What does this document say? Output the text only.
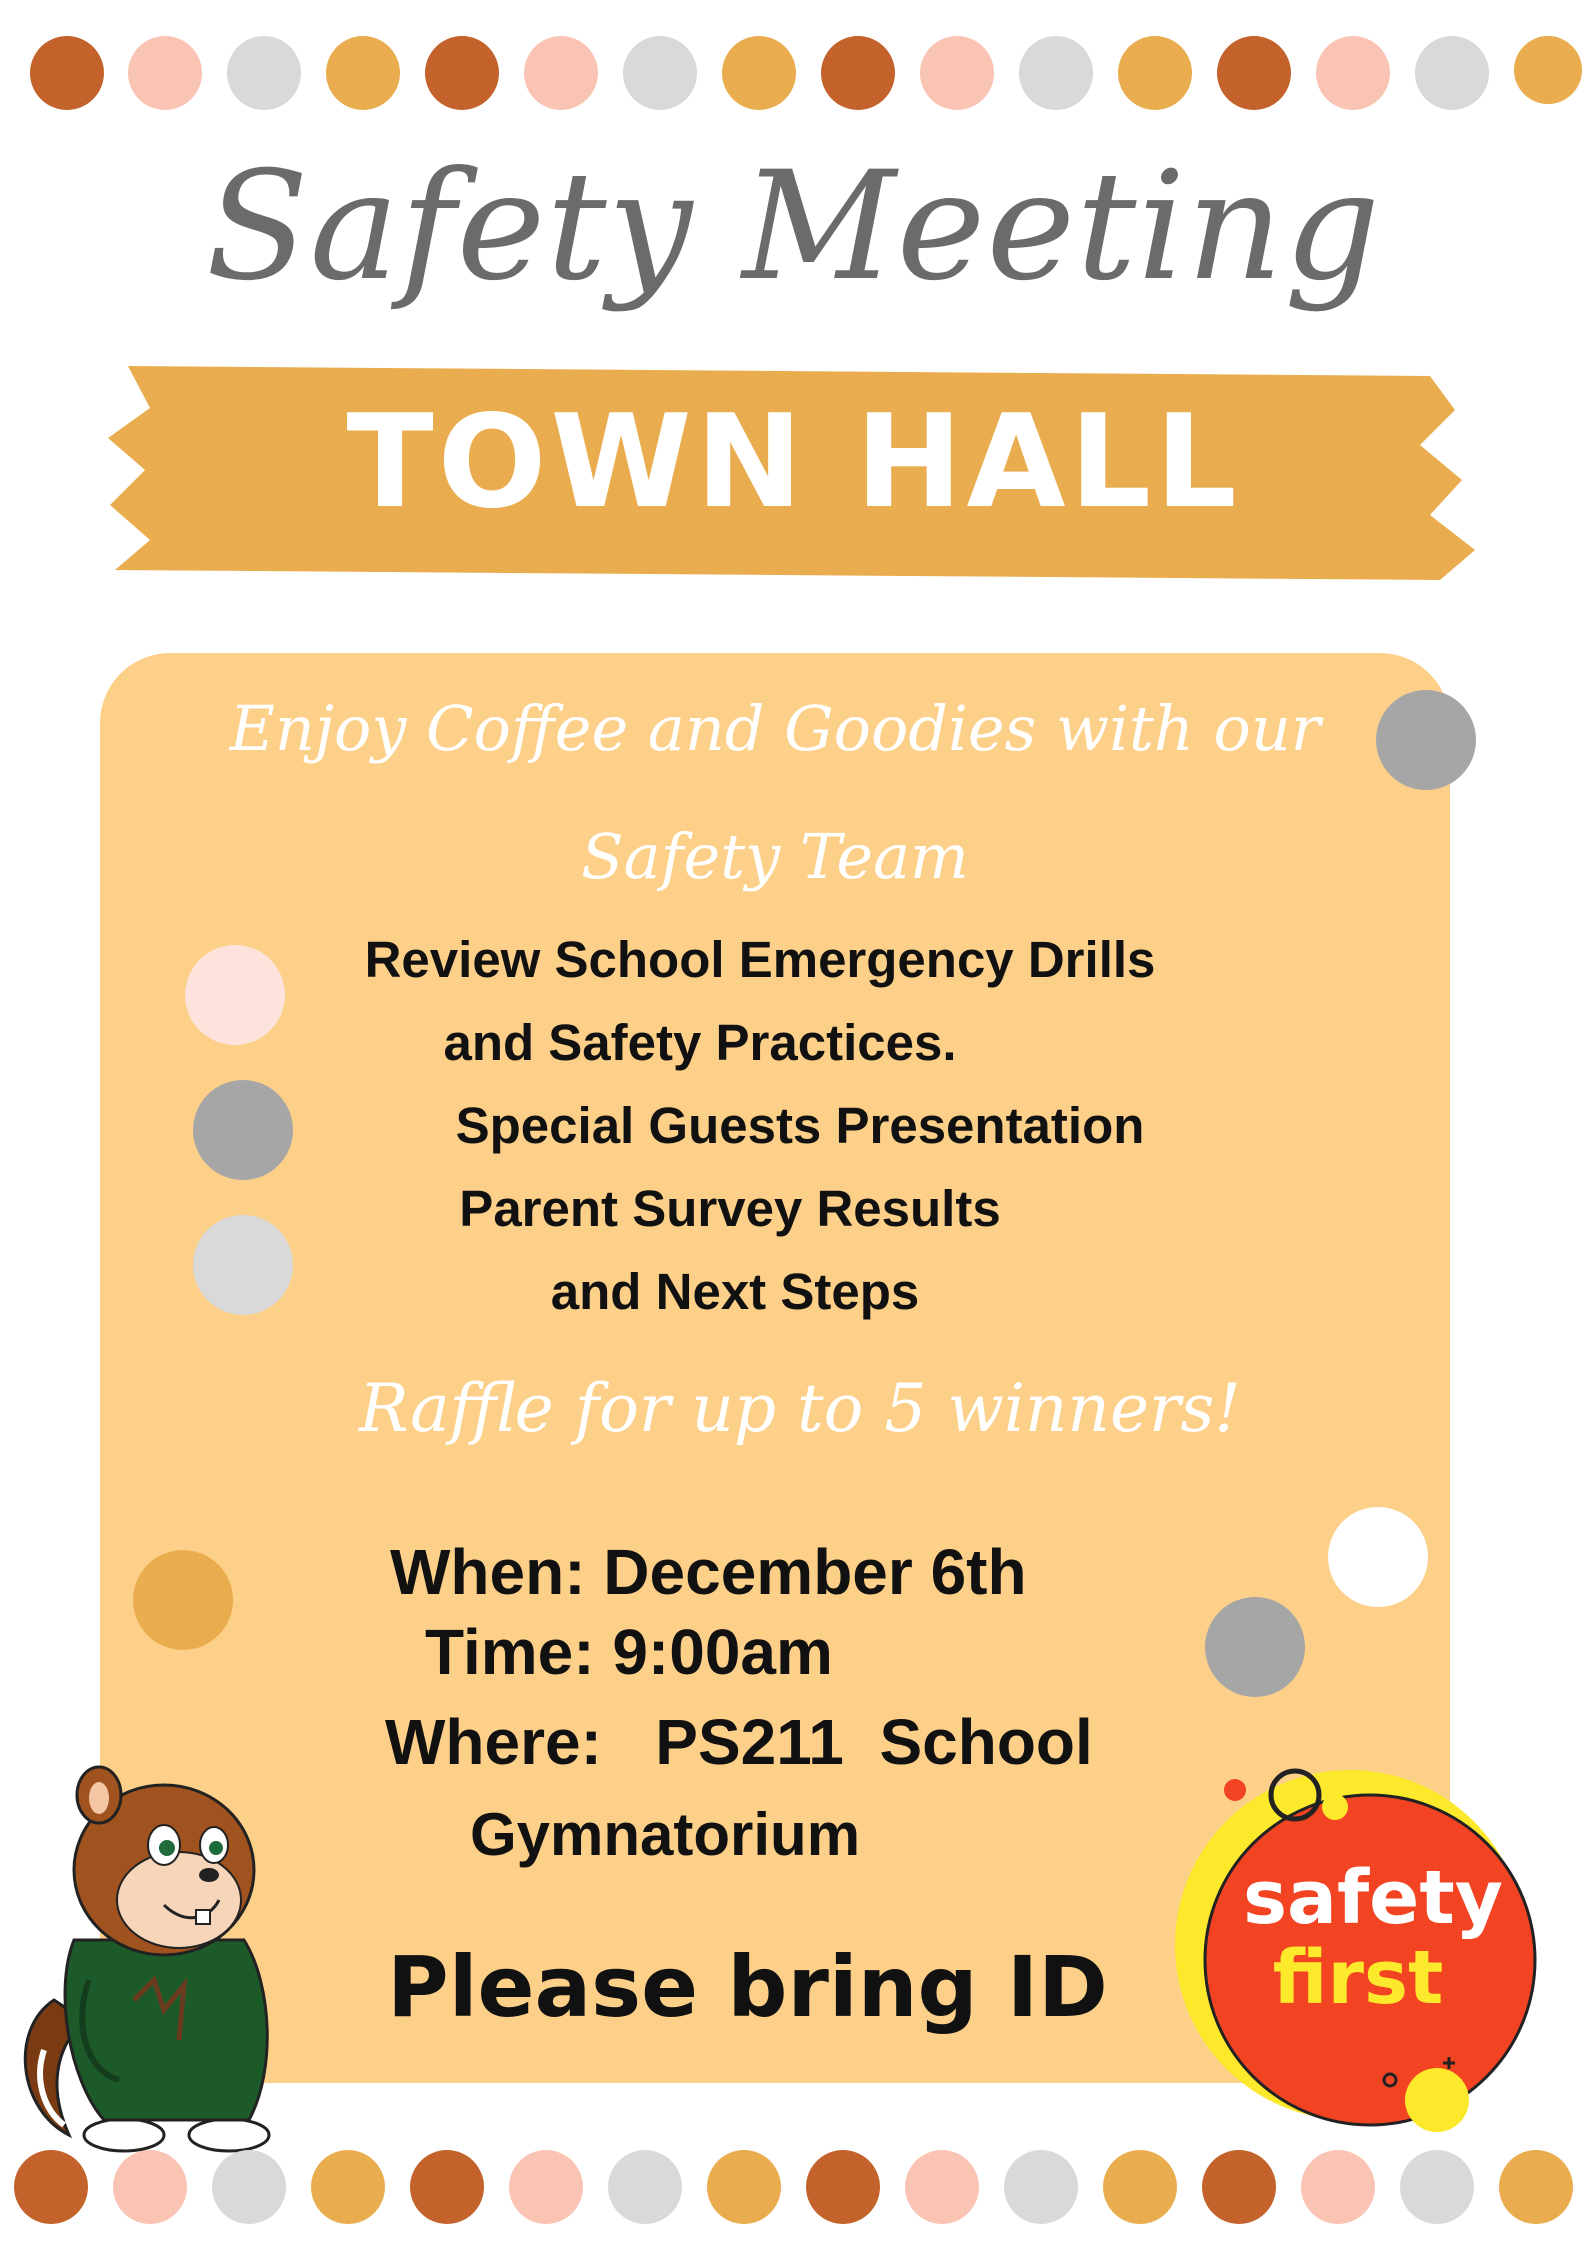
Safety Meeting
TOWN HALL
Enjoy Coffee and Goodies with our
Safety Team
Review School Emergency Drills
and Safety Practices.
Special Guests Presentation
Parent Survey Results
and Next Steps
Raffle for up to 5 winners!
When: December 6th
Time: 9:00am
Where:   PS211  School
Gymnatorium
Please bring ID
safety
first
